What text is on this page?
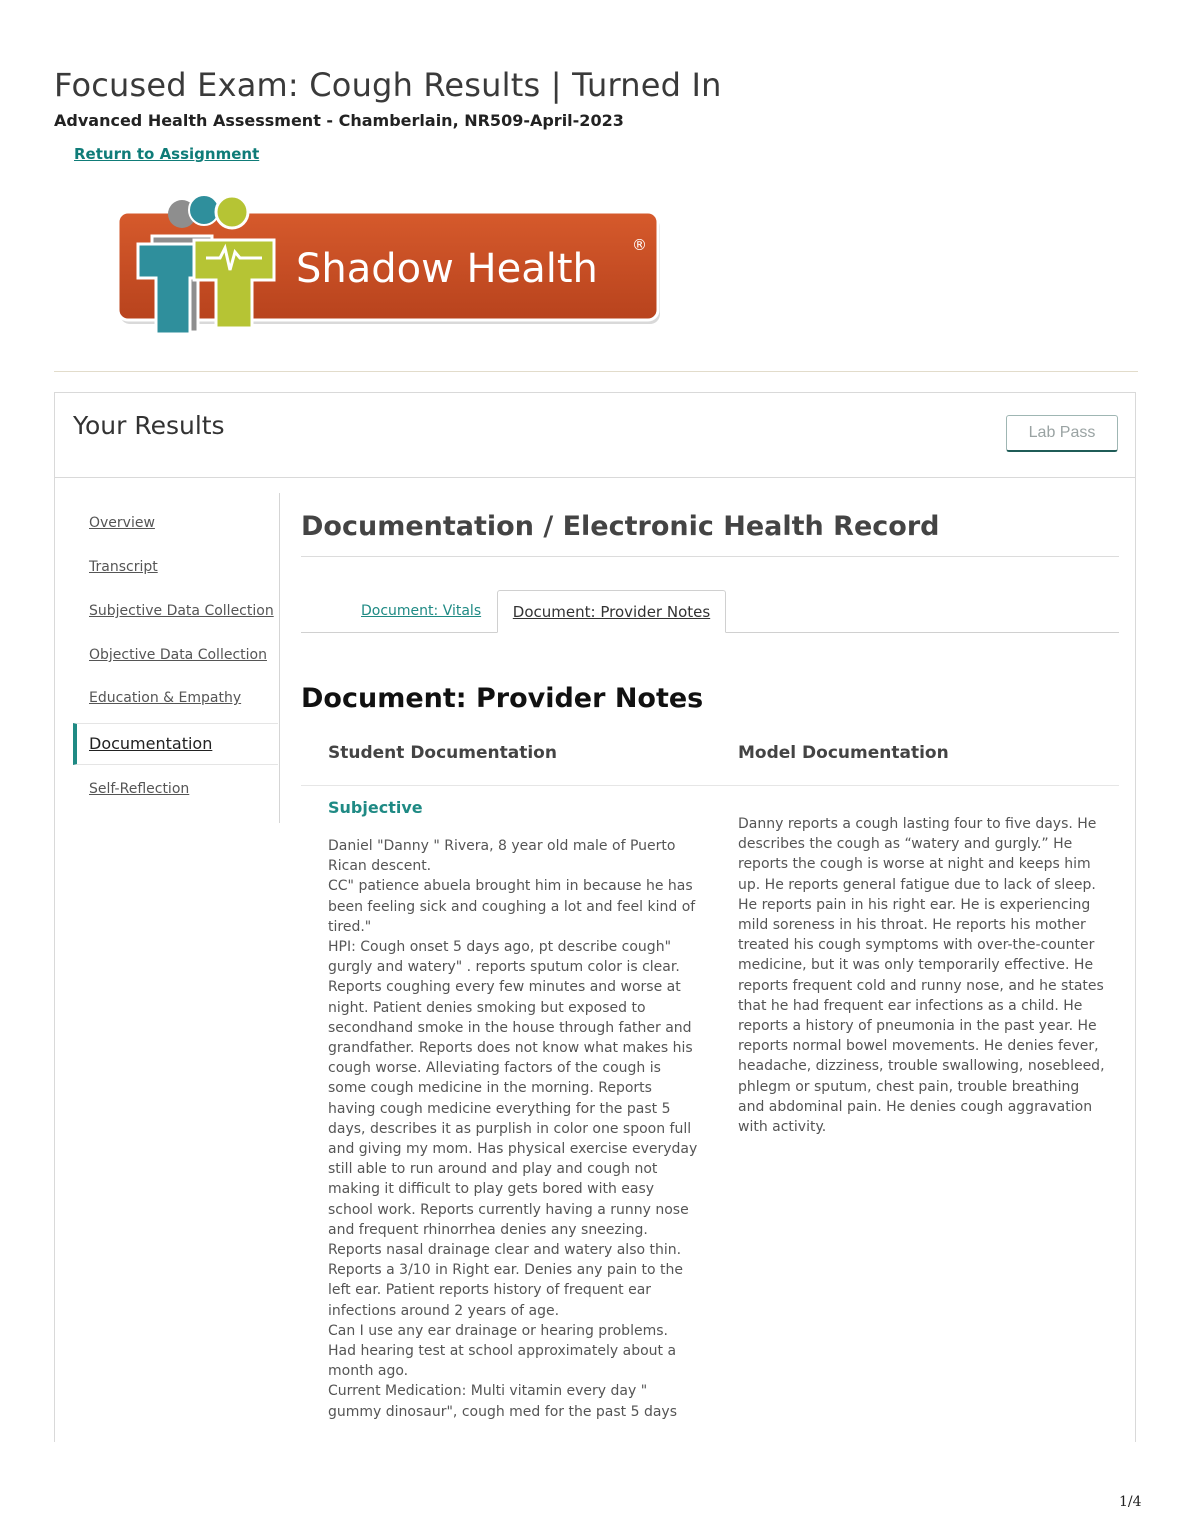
Focused Exam: Cough Results | Turned In
Advanced Health Assessment - Chamberlain, NR509-April-2023
Return to Assignment
Shadow Health
®
Your Results	Lab Pass
Overview
Transcript
Subjective Data Collection
Objective Data Collection
Education & Empathy
Documentation
Self-Reflection
Documentation / Electronic Health Record
Document: Vitals	Document: Provider Notes
Document: Provider Notes
Student Documentation	Model Documentation
Subjective

Daniel "Danny " Rivera, 8 year old male of Puerto Rican descent.
CC" patience abuela brought him in because he has been feeling sick and coughing a lot and feel kind of tired."
HPI: Cough onset 5 days ago, pt describe cough" gurgly and watery" . reports sputum color is clear. Reports coughing every few minutes and worse at night. Patient denies smoking but exposed to secondhand smoke in the house through father and grandfather. Reports does not know what makes his cough worse. Alleviating factors of the cough is some cough medicine in the morning. Reports having cough medicine everything for the past 5 days, describes it as purplish in color one spoon full and giving my mom. Has physical exercise everyday still able to run around and play and cough not making it difficult to play gets bored with easy school work. Reports currently having a runny nose and frequent rhinorrhea denies any sneezing. Reports nasal drainage clear and watery also thin. Reports a 3/10 in Right ear. Denies any pain to the left ear. Patient reports history of frequent ear infections around 2 years of age.
Can I use any ear drainage or hearing problems. Had hearing test at school approximately about a month ago.
Current Medication: Multi vitamin every day " gummy dinosaur", cough med for the past 5 days

Danny reports a cough lasting four to five days. He describes the cough as “watery and gurgly.” He reports the cough is worse at night and keeps him up. He reports general fatigue due to lack of sleep. He reports pain in his right ear. He is experiencing mild soreness in his throat. He reports his mother treated his cough symptoms with over-the-counter medicine, but it was only temporarily effective. He reports frequent cold and runny nose, and he states that he had frequent ear infections as a child. He reports a history of pneumonia in the past year. He reports normal bowel movements. He denies fever, headache, dizziness, trouble swallowing, nosebleed, phlegm or sputum, chest pain, trouble breathing and abdominal pain. He denies cough aggravation with activity.

1/4
